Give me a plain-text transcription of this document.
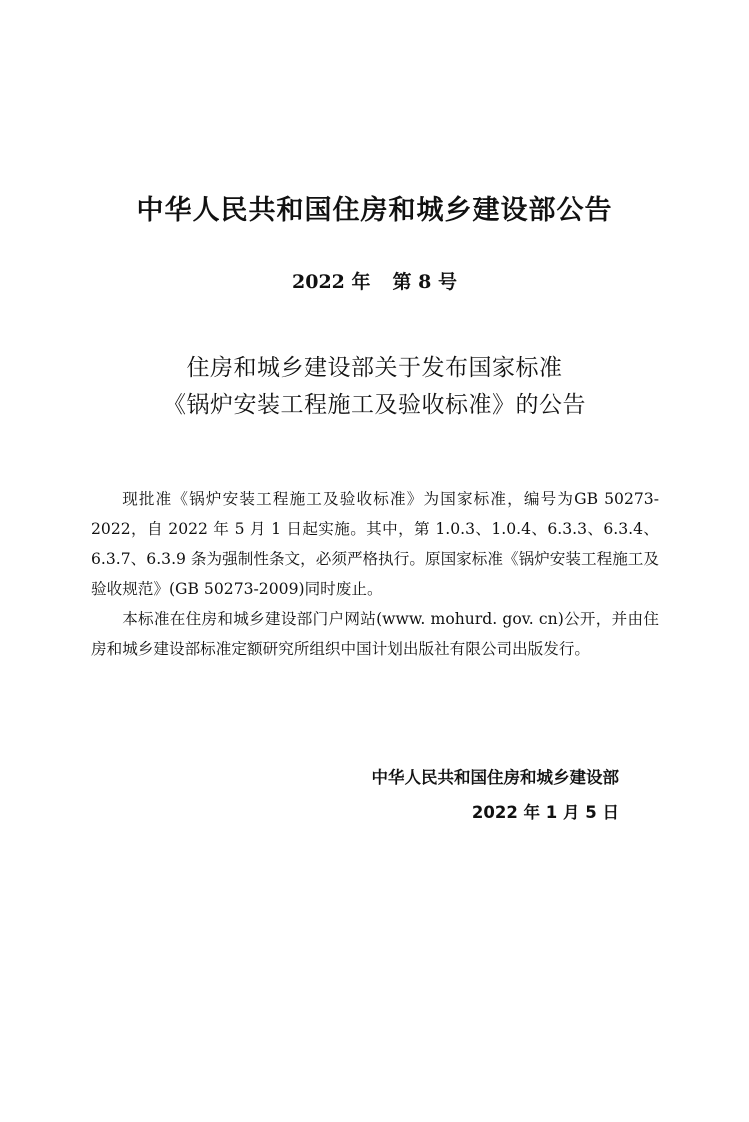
中华人民共和国住房和城乡建设部公告
2022 年 第 8 号
住房和城乡建设部关于发布国家标准
《锅炉安装工程施工及验收标准》的公告

现批准《锅炉安装工程施工及验收标准》为国家标准，编号为GB 50273-2022，自 2022 年 5 月 1 日起实施。其中，第 1.0.3、1.0.4、6.3.3、6.3.4、6.3.7、6.3.9 条为强制性条文，必须严格执行。原国家标准《锅炉安装工程施工及验收规范》(GB 50273-2009)同时废止。

本标准在住房和城乡建设部门户网站(www. mohurd. gov. cn)公开，并由住房和城乡建设部标准定额研究所组织中国计划出版社有限公司出版发行。

中华人民共和国住房和城乡建设部
2022 年 1 月 5 日
